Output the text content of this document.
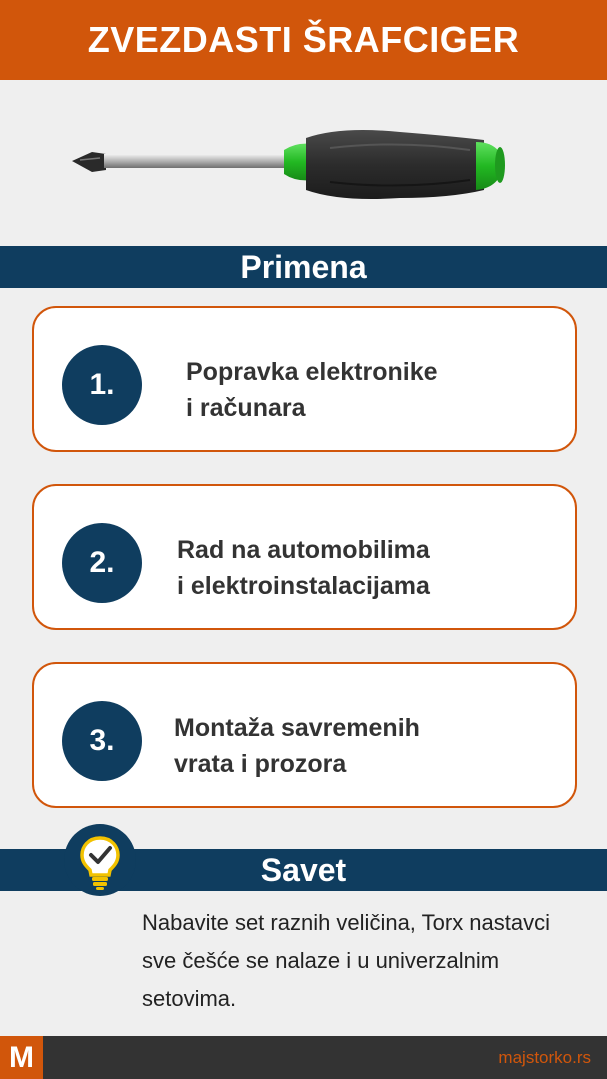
ZVEZDASTI ŠRAFCIGER
Primena
1.	Popravka elektronike
i računara
2.	Rad na automobilima
i elektroinstalacijama
3.	Montaža savremenih
vrata i prozora
Savet
Nabavite set raznih veličina, Torx nastavci sve češće se nalaze i u univerzalnim setovima.
M	majstorko.rs
